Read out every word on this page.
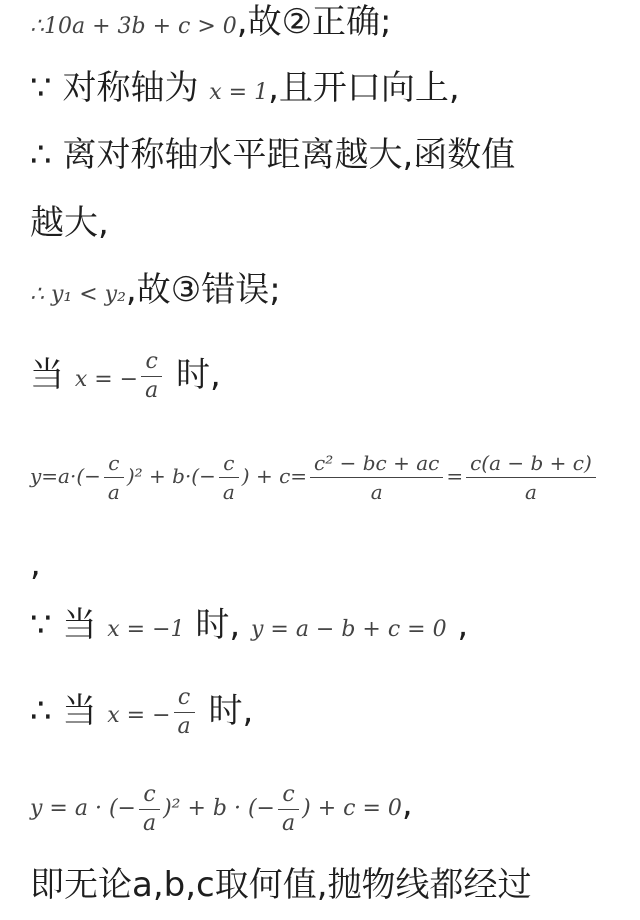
∴10a + 3b + c > 0,故②正确;
∵ 对称轴为 x = 1,且开口向上,
∴ 离对称轴水平距离越大,函数值
越大,
∴ y₁ < y₂,故③错误;
当 x = − $\frac{c}{a}$ 时,
$y=a\cdot(- \frac{c}{a} )^2 + b\cdot(- \frac{c}{a}$ ) + $c= \frac{\text{c² − bc + ac}}{a} = \frac{c(a - b + c)}{a}$
,
∵ 当 x = −1 时, y = a − b + c = 0 ,
∴ 当 x = − $\frac{c}{a}$ 时,
y = a · (− $\frac{c}{a} )^2 + b$ · (− $\frac{c}{a}$ ) + c = 0,
即无论a,b,c取何值,抛物线都经过
